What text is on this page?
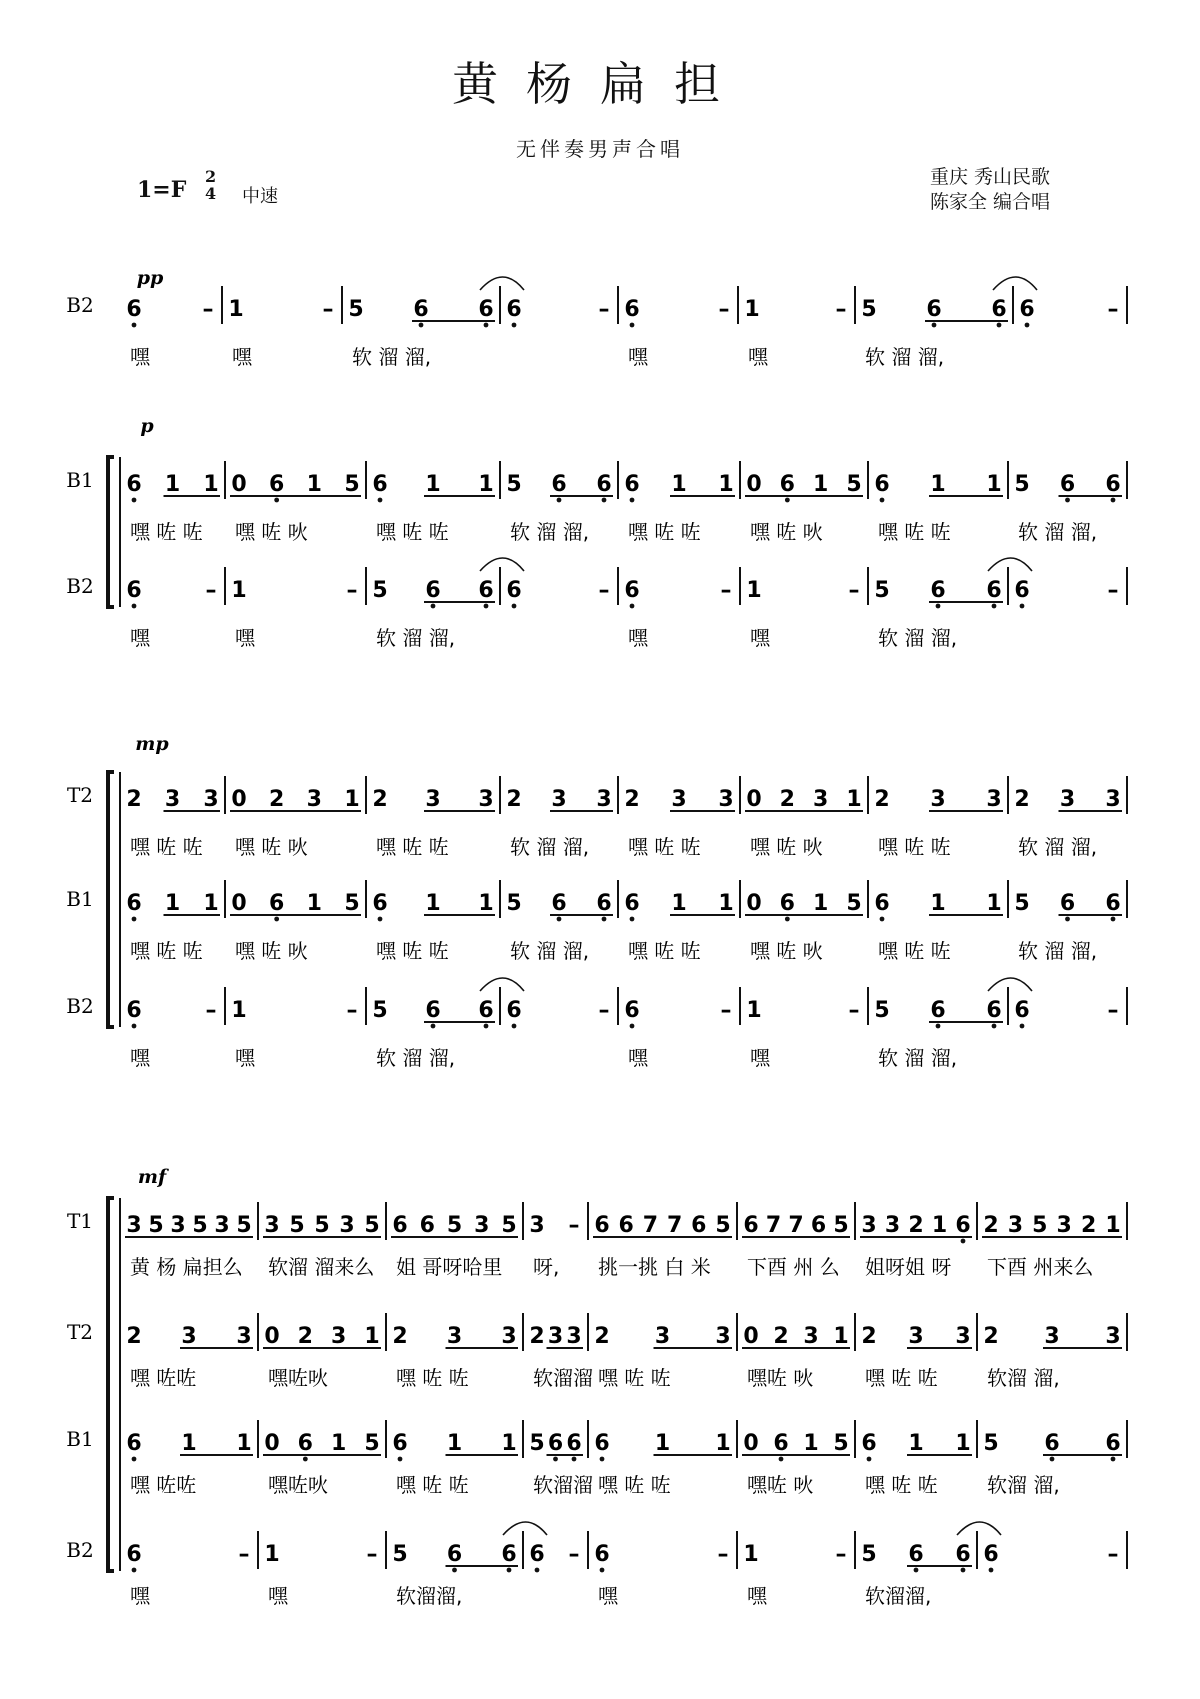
黄杨扁担
无伴奏男声合唱
1=F
2
4 中速
重庆 秀山民歌
陈家全 编合唱
pp
B2 6	–
嘿
1	–
嘿
5 6 6
软 溜 溜,
6	– 6	–
嘿
1	–
嘿
5 6 6
软 溜 溜,
6	–
p
B1 6 1 1
嘿 咗 咗
0 6 1 5
嘿 咗 吙
6 1 1
嘿 咗 咗
5 6 6
软 溜 溜,
6 1 1
嘿 咗 咗
0 6 1 5
嘿 咗 吙
6 1 1
嘿 咗 咗
5 6 6
软 溜 溜,
B2 6	–
嘿
1	–
嘿
5 6 6
软 溜 溜,
6	– 6	–
嘿
1	–
嘿
5 6 6
软 溜 溜,
6	–
mp
T2 2 3 3
嘿 咗 咗
0 2 3 1
嘿 咗 吙
2 3 3
嘿 咗 咗
2 3 3
软 溜 溜,
2 3 3
嘿 咗 咗
0 2 3 1
嘿 咗 吙
2 3 3
嘿 咗 咗
2 3 3
软 溜 溜,
B1 6 1 1
嘿 咗 咗
0 6 1 5
嘿 咗 吙
6 1 1
嘿 咗 咗
5 6 6
软 溜 溜,
6 1 1
嘿 咗 咗
0 6 1 5
嘿 咗 吙
6 1 1
嘿 咗 咗
5 6 6
软 溜 溜,
B2 6	–
嘿
1	–
嘿
5 6 6
软 溜 溜,
6	– 6	–
嘿
1	–
嘿
5 6 6
软 溜 溜,
6	–
mf
T1 3 5 3 5 3 5
黄 杨 扁担么
3 5 5 3 5
软溜 溜来么
6 6 5 3 5
姐 哥呀哈里
3 –
呀,
6 6 7 7 6 5
挑一挑 白 米
6 7 7 6 5
下酉 州 么
3 3 2 1 6
姐呀姐 呀
2 3 5 3 2 1
下酉 州来么
T2 2 3 3
嘿 咗咗
0 2 3 1
嘿咗吙
2 3 3
嘿 咗 咗
2 3 3
软溜溜
2 3 3
嘿 咗 咗
0 2 3 1
嘿咗 吙
2 3 3
嘿 咗 咗
2 3 3
软溜 溜,
B1 6 1 1
嘿 咗咗
0 6 1 5
嘿咗吙
6 1 1
嘿 咗 咗
5 6 6
软溜溜
6 1 1
嘿 咗 咗
0 6 1 5
嘿咗 吙
6 1 1
嘿 咗 咗
5 6 6
软溜 溜,
B2 6	–
嘿
1	–
嘿
5 6 6
软溜溜,
6 – 6	–
嘿
1	–
嘿
5 6 6
软溜溜,
6	–
